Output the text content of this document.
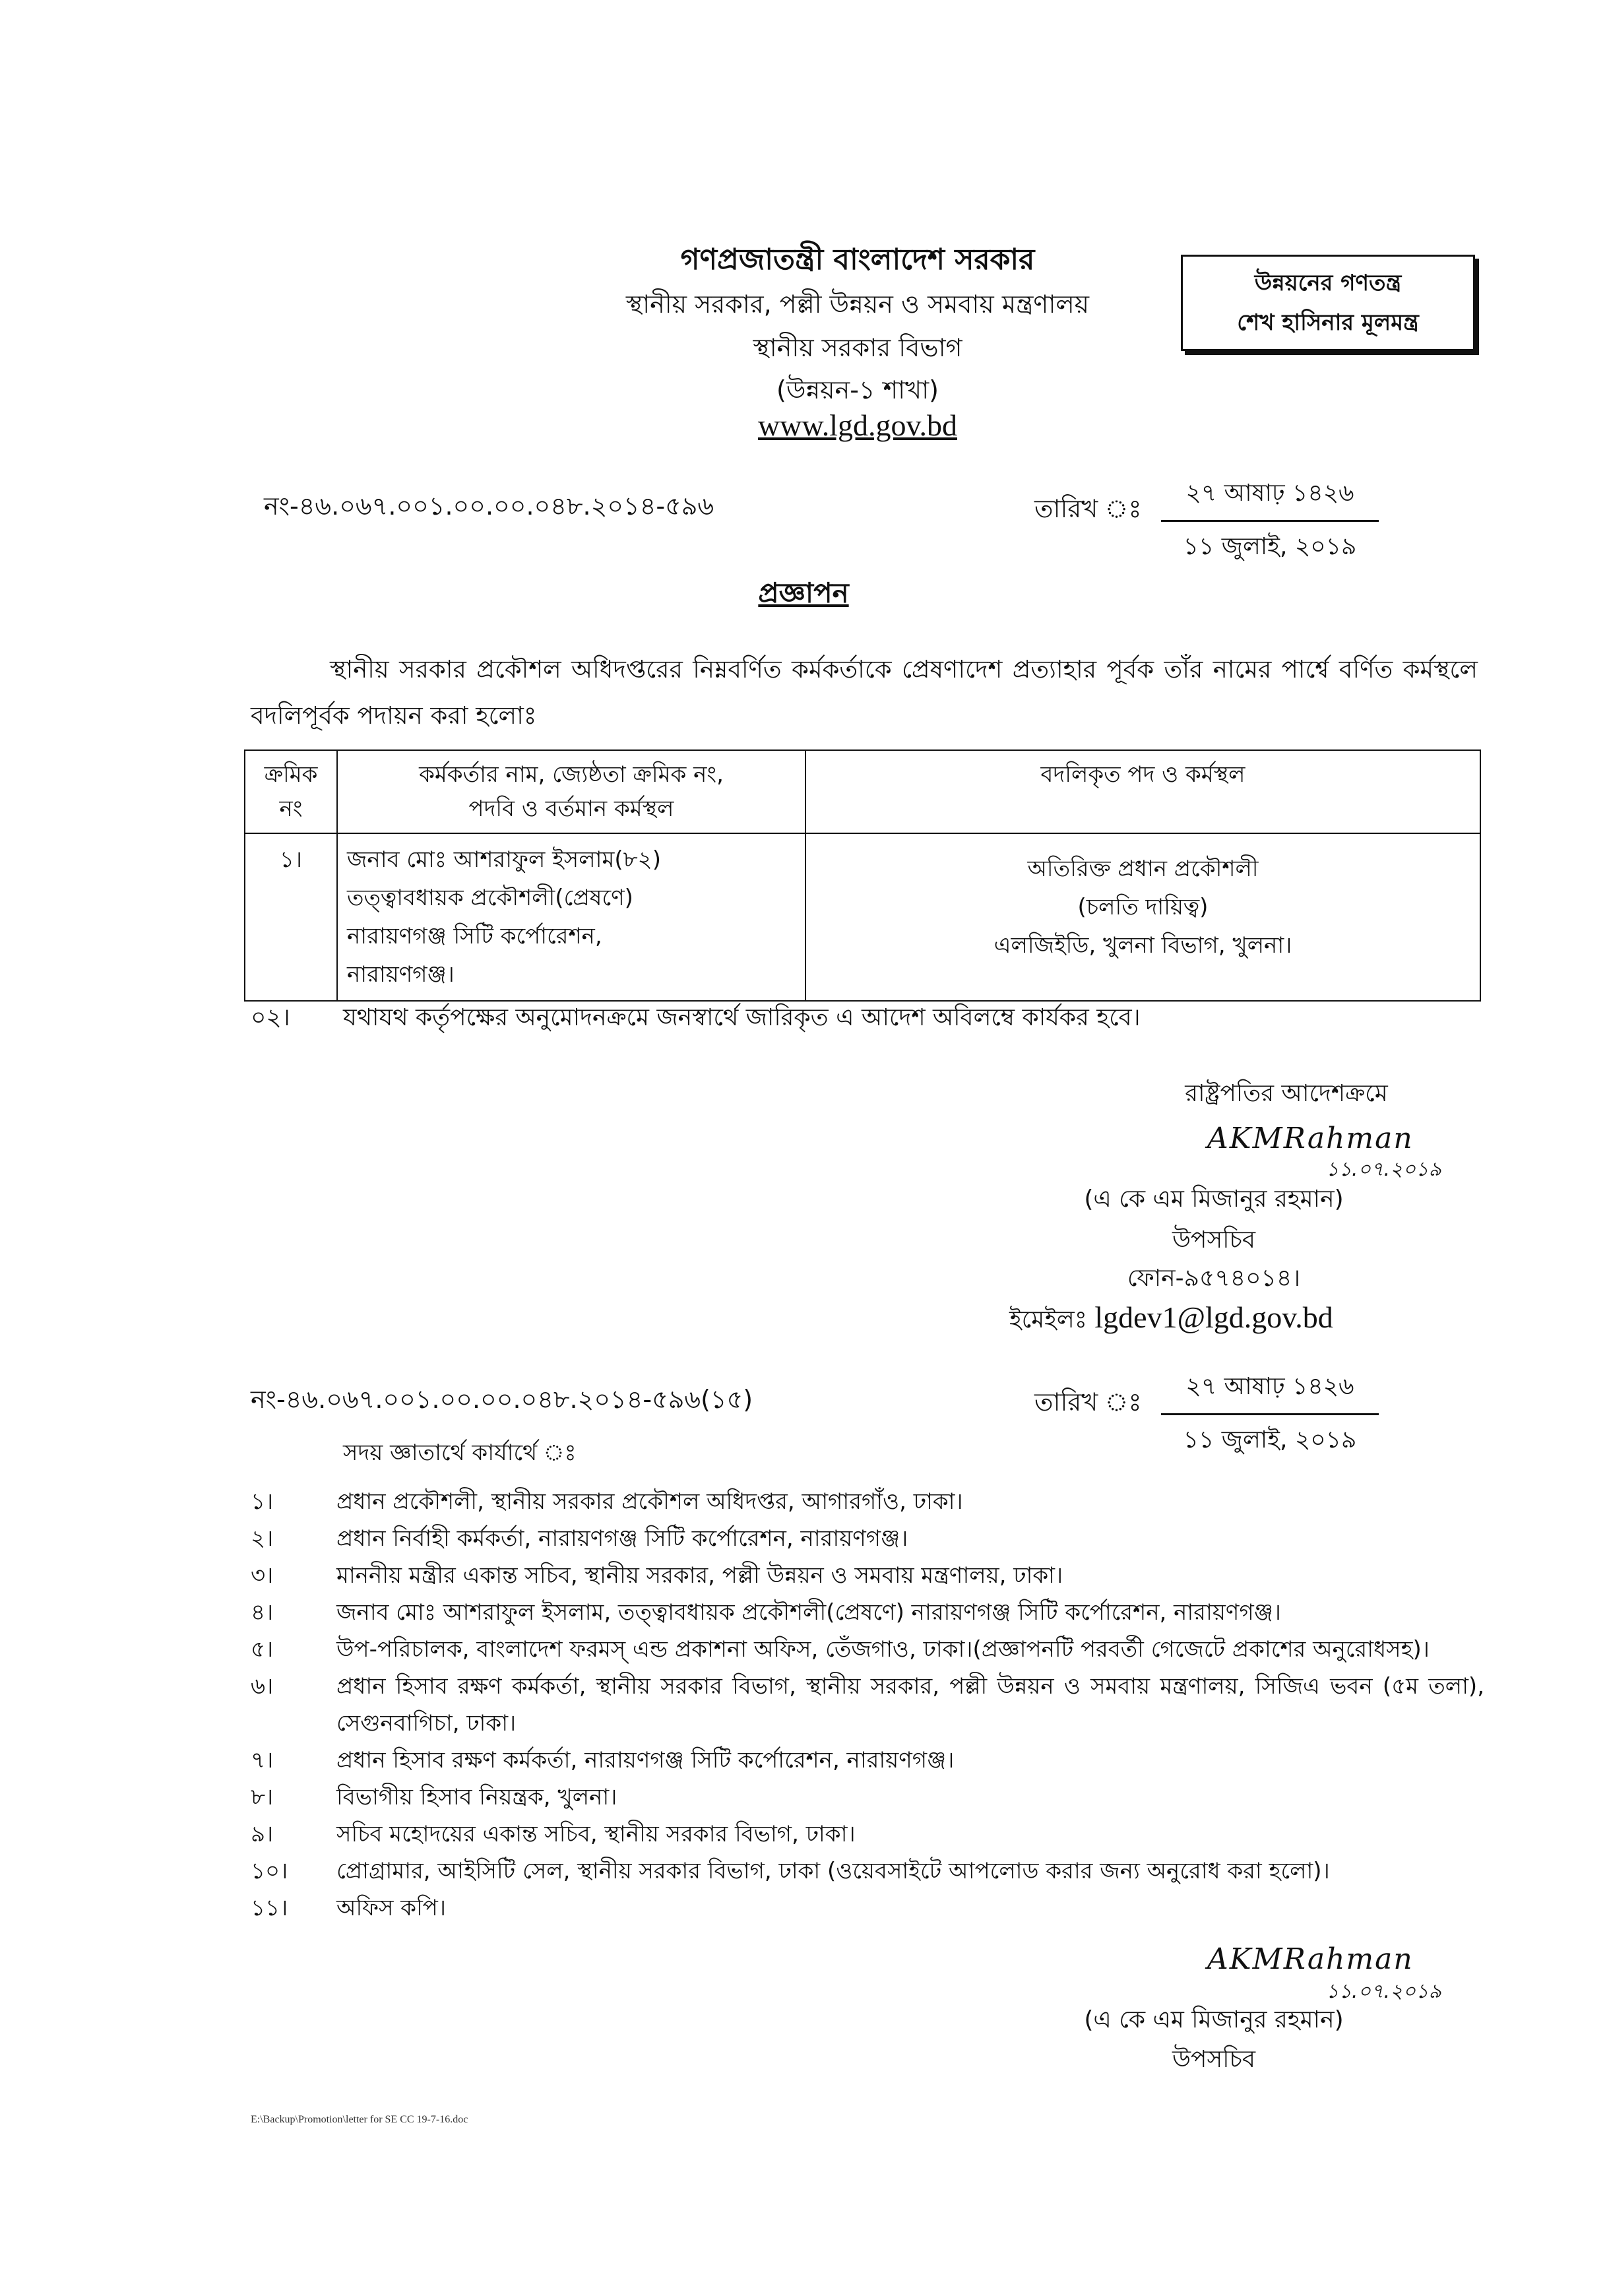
গণপ্রজাতন্ত্রী বাংলাদেশ সরকার
স্থানীয় সরকার, পল্লী উন্নয়ন ও সমবায় মন্ত্রণালয়
স্থানীয় সরকার বিভাগ
(উন্নয়ন-১ শাখা)
www.lgd.gov.bd
উন্নয়নের গণতন্ত্র
শেখ হাসিনার মূলমন্ত্র
নং-৪৬.০৬৭.০০১.০০.০০.০৪৮.২০১৪-৫৯৬	তারিখ ঃ
২৭ আষাঢ় ১৪২৬
১১ জুলাই, ২০১৯
প্রজ্ঞাপন
স্থানীয় সরকার প্রকৌশল অধিদপ্তরের নিম্নবর্ণিত কর্মকর্তাকে প্রেষণাদেশ প্রত্যাহার পূর্বক তাঁর নামের পার্শ্বে বর্ণিত কর্মস্থলে বদলিপূর্বক পদায়ন করা হলোঃ
ক্রমিক নং	কর্মকর্তার নাম, জ্যেষ্ঠতা ক্রমিক নং,
পদবি ও বর্তমান কর্মস্থল	বদলিকৃত পদ ও কর্মস্থল
১।	জনাব মোঃ আশরাফুল ইসলাম(৮২)
তত্ত্বাবধায়ক প্রকৌশলী(প্রেষণে)
নারায়ণগঞ্জ সিটি কর্পোরেশন,
নারায়ণগঞ্জ।	অতিরিক্ত প্রধান প্রকৌশলী
(চলতি দায়িত্ব)
এলজিইডি, খুলনা বিভাগ, খুলনা।
০২। যথাযথ কর্তৃপক্ষের অনুমোদনক্রমে জনস্বার্থে জারিকৃত এ আদেশ অবিলম্বে কার্যকর হবে।
রাষ্ট্রপতির আদেশক্রমে
AKMRahman
১১.০৭.২০১৯
(এ কে এম মিজানুর রহমান)
উপসচিব
ফোন-৯৫৭৪০১৪।
ইমেইলঃ lgdev1@lgd.gov.bd
নং-৪৬.০৬৭.০০১.০০.০০.০৪৮.২০১৪-৫৯৬(১৫)	তারিখ ঃ
২৭ আষাঢ় ১৪২৬
১১ জুলাই, ২০১৯
সদয় জ্ঞাতার্থে কার্যার্থে ঃ
১।	প্রধান প্রকৌশলী, স্থানীয় সরকার প্রকৌশল অধিদপ্তর, আগারগাঁও, ঢাকা।
২।	প্রধান নির্বাহী কর্মকর্তা, নারায়ণগঞ্জ সিটি কর্পোরেশন, নারায়ণগঞ্জ।
৩।	মাননীয় মন্ত্রীর একান্ত সচিব, স্থানীয় সরকার, পল্লী উন্নয়ন ও সমবায় মন্ত্রণালয়, ঢাকা।
৪।	জনাব মোঃ আশরাফুল ইসলাম, তত্ত্বাবধায়ক প্রকৌশলী(প্রেষণে) নারায়ণগঞ্জ সিটি কর্পোরেশন, নারায়ণগঞ্জ।
৫।	উপ-পরিচালক, বাংলাদেশ ফরমস্ এন্ড প্রকাশনা অফিস, তেঁজগাও, ঢাকা।(প্রজ্ঞাপনটি পরবর্তী গেজেটে প্রকাশের অনুরোধসহ)।
৬।	প্রধান হিসাব রক্ষণ কর্মকর্তা, স্থানীয় সরকার বিভাগ, স্থানীয় সরকার, পল্লী উন্নয়ন ও সমবায় মন্ত্রণালয়, সিজিএ ভবন (৫ম তলা), সেগুনবাগিচা, ঢাকা।
৭।	প্রধান হিসাব রক্ষণ কর্মকর্তা, নারায়ণগঞ্জ সিটি কর্পোরেশন, নারায়ণগঞ্জ।
৮।	বিভাগীয় হিসাব নিয়ন্ত্রক, খুলনা।
৯।	সচিব মহোদয়ের একান্ত সচিব, স্থানীয় সরকার বিভাগ, ঢাকা।
১০।	প্রোগ্রামার, আইসিটি সেল, স্থানীয় সরকার বিভাগ, ঢাকা (ওয়েবসাইটে আপলোড করার জন্য অনুরোধ করা হলো)।
১১।	অফিস কপি।
AKMRahman
১১.০৭.২০১৯
(এ কে এম মিজানুর রহমান)
উপসচিব
E:\Backup\Promotion\letter for SE CC 19-7-16.doc
